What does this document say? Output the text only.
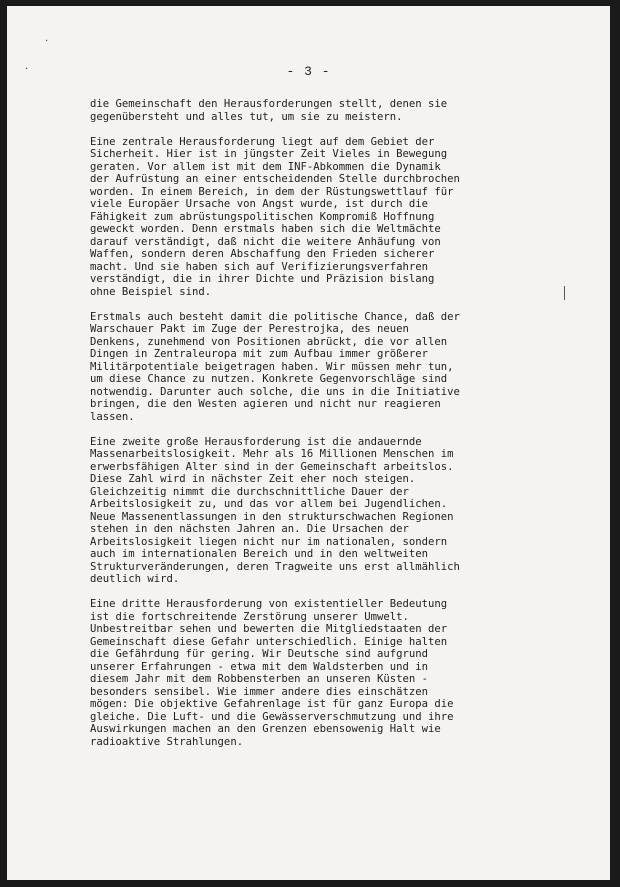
·
·	- 3 -

die Gemeinschaft den Herausforderungen stellt, denen sie
gegenübersteht und alles tut, um sie zu meistern.

Eine zentrale Herausforderung liegt auf dem Gebiet der
Sicherheit. Hier ist in jüngster Zeit Vieles in Bewegung
geraten. Vor allem ist mit dem INF-Abkommen die Dynamik
der Aufrüstung an einer entscheidenden Stelle durchbrochen
worden. In einem Bereich, in dem der Rüstungswettlauf für
viele Europäer Ursache von Angst wurde, ist durch die
Fähigkeit zum abrüstungspolitischen Kompromiß Hoffnung
geweckt worden. Denn erstmals haben sich die Weltmächte
darauf verständigt, daß nicht die weitere Anhäufung von
Waffen, sondern deren Abschaffung den Frieden sicherer
macht. Und sie haben sich auf Verifizierungsverfahren
verständigt, die in ihrer Dichte und Präzision bislang
ohne Beispiel sind.

Erstmals auch besteht damit die politische Chance, daß der
Warschauer Pakt im Zuge der Perestrojka, des neuen
Denkens, zunehmend von Positionen abrückt, die vor allen
Dingen in Zentraleuropa mit zum Aufbau immer größerer
Militärpotentiale beigetragen haben. Wir müssen mehr tun,
um diese Chance zu nutzen. Konkrete Gegenvorschläge sind
notwendig. Darunter auch solche, die uns in die Initiative
bringen, die den Westen agieren und nicht nur reagieren
lassen.

Eine zweite große Herausforderung ist die andauernde
Massenarbeitslosigkeit. Mehr als 16 Millionen Menschen im
erwerbsfähigen Alter sind in der Gemeinschaft arbeitslos.
Diese Zahl wird in nächster Zeit eher noch steigen.
Gleichzeitig nimmt die durchschnittliche Dauer der
Arbeitslosigkeit zu, und das vor allem bei Jugendlichen.
Neue Massenentlassungen in den strukturschwachen Regionen
stehen in den nächsten Jahren an. Die Ursachen der
Arbeitslosigkeit liegen nicht nur im nationalen, sondern
auch im internationalen Bereich und in den weltweiten
Strukturveränderungen, deren Tragweite uns erst allmählich
deutlich wird.

Eine dritte Herausforderung von existentieller Bedeutung
ist die fortschreitende Zerstörung unserer Umwelt.
Unbestreitbar sehen und bewerten die Mitgliedstaaten der
Gemeinschaft diese Gefahr unterschiedlich. Einige halten
die Gefährdung für gering. Wir Deutsche sind aufgrund
unserer Erfahrungen - etwa mit dem Waldsterben und in
diesem Jahr mit dem Robbensterben an unseren Küsten -
besonders sensibel. Wie immer andere dies einschätzen
mögen: Die objektive Gefahrenlage ist für ganz Europa die
gleiche. Die Luft- und die Gewässerverschmutzung und ihre
Auswirkungen machen an den Grenzen ebensowenig Halt wie
radioaktive Strahlungen.
